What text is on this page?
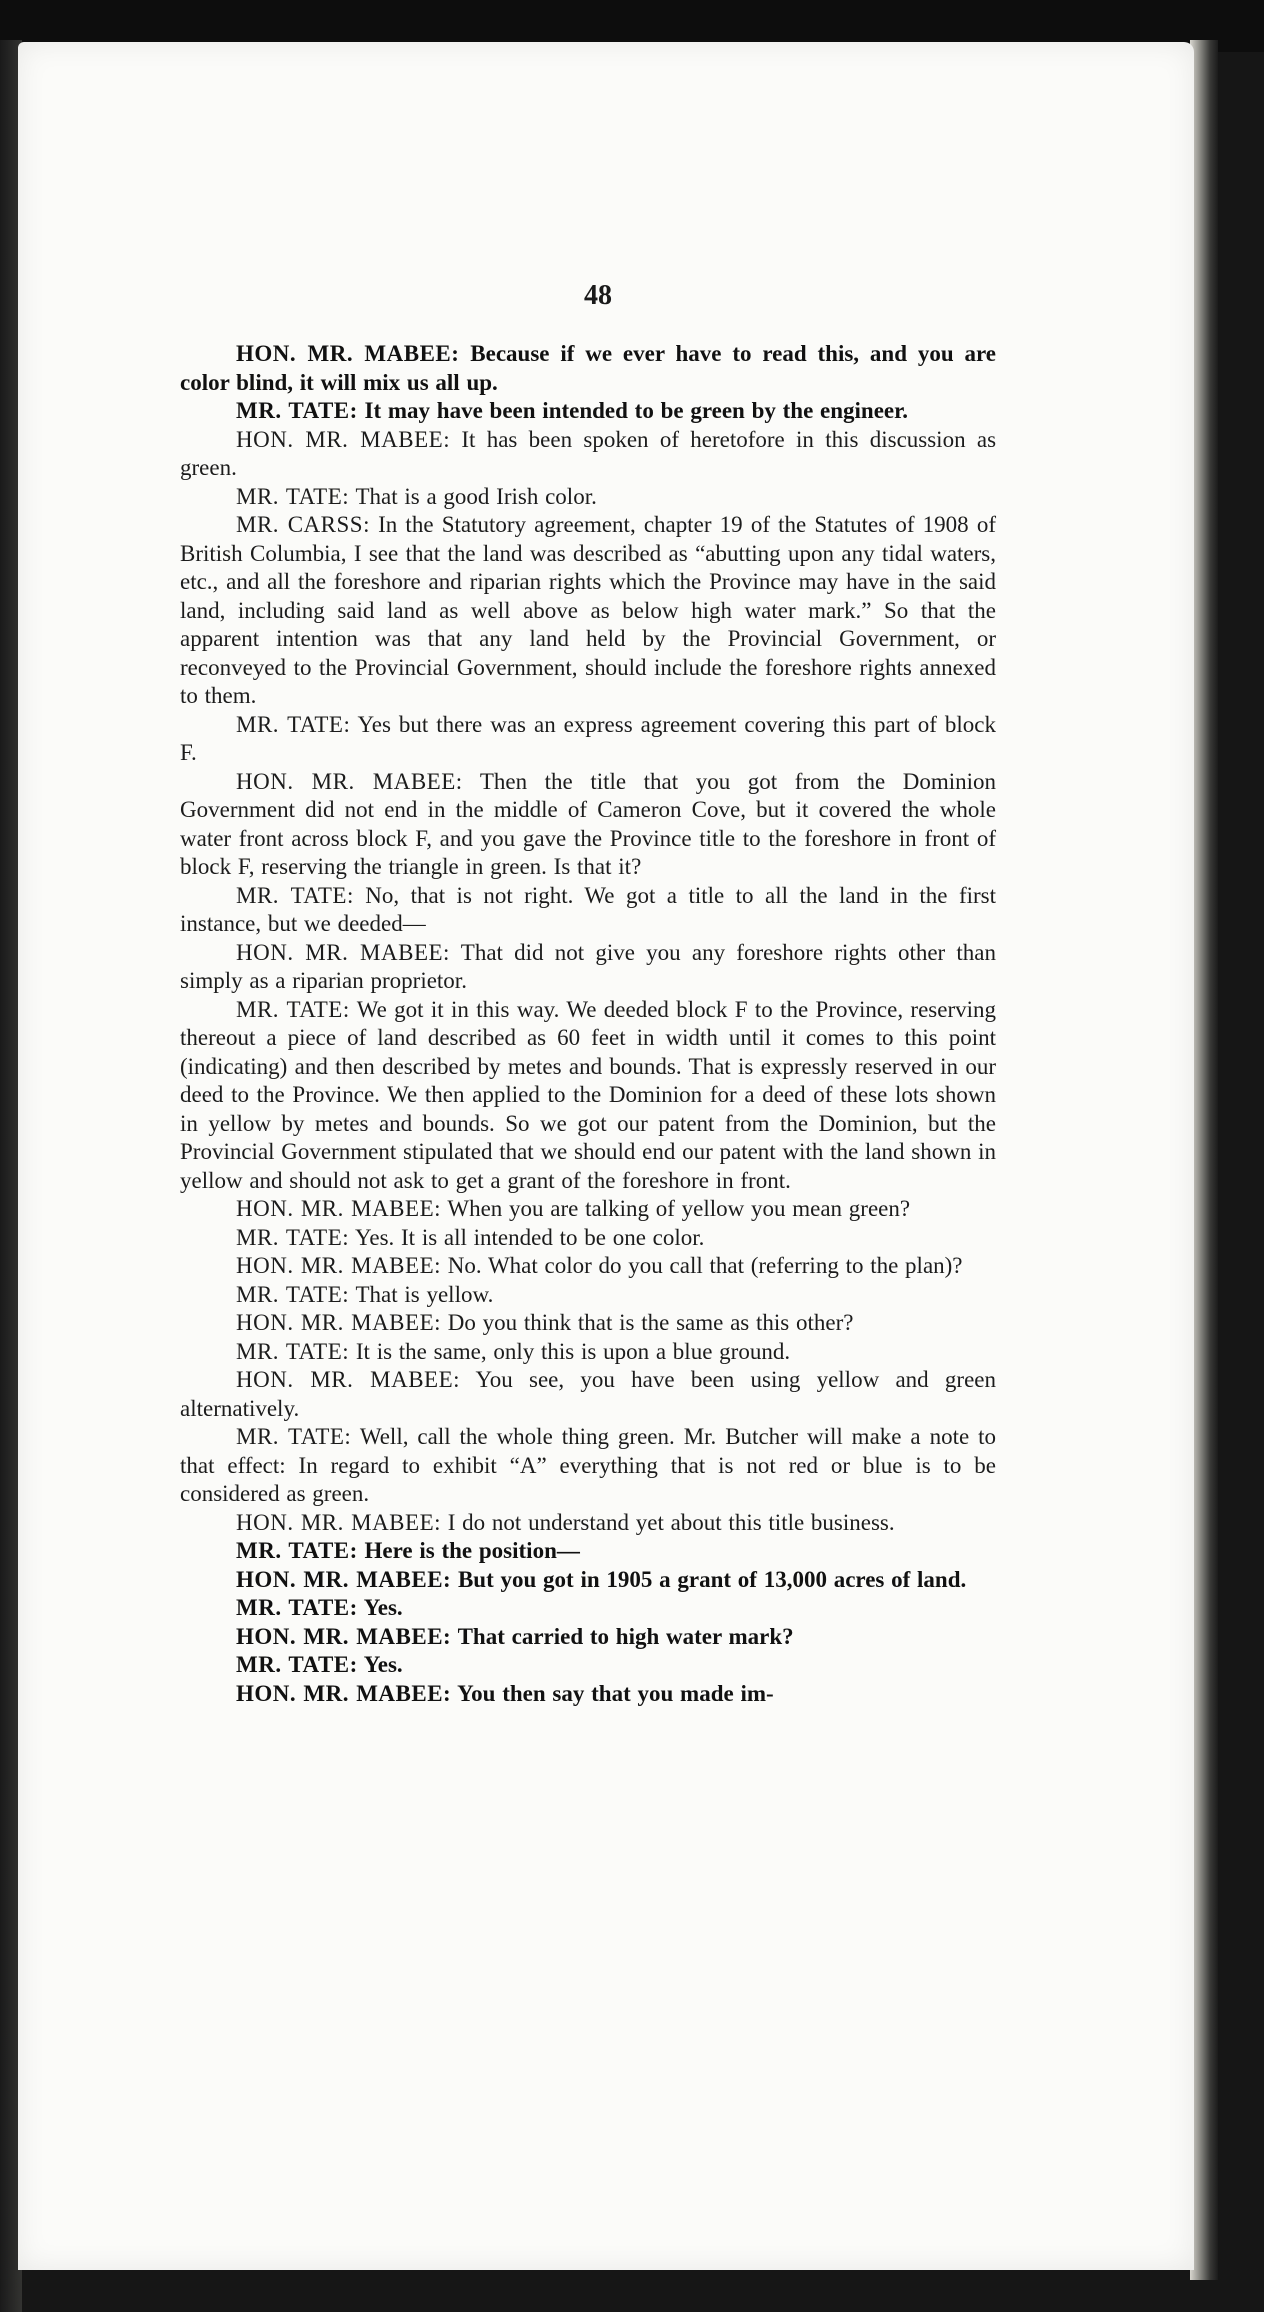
48

HON. MR. MABEE: Because if we ever have to read this, and you are color blind, it will mix us all up.

MR. TATE: It may have been intended to be green by the engineer.

HON. MR. MABEE: It has been spoken of heretofore in this discussion as green.

MR. TATE: That is a good Irish color.

MR. CARSS: In the Statutory agreement, chapter 19 of the Statutes of 1908 of British Columbia, I see that the land was described as “abutting upon any tidal waters, etc., and all the foreshore and riparian rights which the Province may have in the said land, including said land as well above as below high water mark.” So that the apparent intention was that any land held by the Provincial Government, or reconveyed to the Provincial Government, should include the foreshore rights annexed to them.

MR. TATE: Yes but there was an express agreement covering this part of block F.

HON. MR. MABEE: Then the title that you got from the Dominion Government did not end in the middle of Cameron Cove, but it covered the whole water front across block F, and you gave the Province title to the foreshore in front of block F, reserving the triangle in green. Is that it?

MR. TATE: No, that is not right. We got a title to all the land in the first instance, but we deeded—

HON. MR. MABEE: That did not give you any foreshore rights other than simply as a riparian proprietor.

MR. TATE: We got it in this way. We deeded block F to the Province, reserving thereout a piece of land described as 60 feet in width until it comes to this point (indicating) and then described by metes and bounds. That is expressly reserved in our deed to the Province. We then applied to the Dominion for a deed of these lots shown in yellow by metes and bounds. So we got our patent from the Dominion, but the Provincial Government stipulated that we should end our patent with the land shown in yellow and should not ask to get a grant of the foreshore in front.

HON. MR. MABEE: When you are talking of yellow you mean green?

MR. TATE: Yes. It is all intended to be one color.

HON. MR. MABEE: No. What color do you call that (referring to the plan)?

MR. TATE: That is yellow.

HON. MR. MABEE: Do you think that is the same as this other?

MR. TATE: It is the same, only this is upon a blue ground.

HON. MR. MABEE: You see, you have been using yellow and green alternatively.

MR. TATE: Well, call the whole thing green. Mr. Butcher will make a note to that effect: In regard to exhibit “A” everything that is not red or blue is to be considered as green.

HON. MR. MABEE: I do not understand yet about this title business.

MR. TATE: Here is the position—

HON. MR. MABEE: But you got in 1905 a grant of 13,000 acres of land.

MR. TATE: Yes.

HON. MR. MABEE: That carried to high water mark?

MR. TATE: Yes.

HON. MR. MABEE: You then say that you made im-
